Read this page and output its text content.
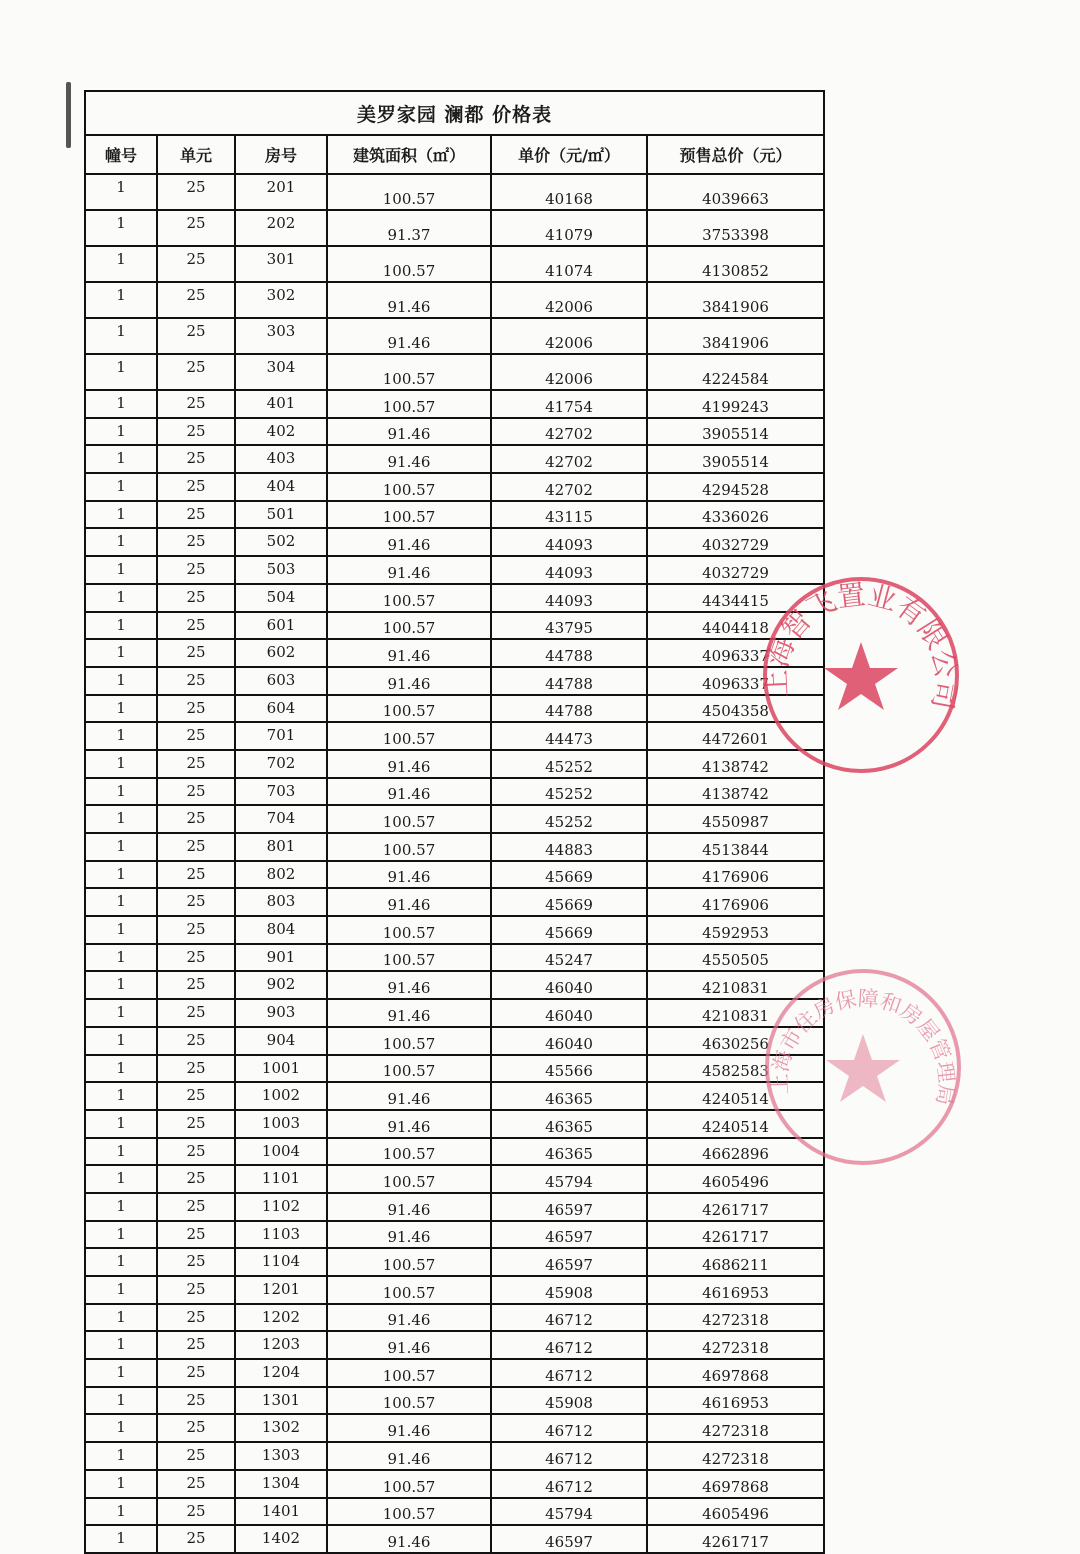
美罗家园 澜都 价格表					
幢号	单元	房号	建筑面积（㎡）	单价（元/㎡）	预售总价（元）
1	25	201	100.57	40168	4039663
1	25	202	91.37	41079	3753398
1	25	301	100.57	41074	4130852
1	25	302	91.46	42006	3841906
1	25	303	91.46	42006	3841906
1	25	304	100.57	42006	4224584
1	25	401	100.57	41754	4199243
1	25	402	91.46	42702	3905514
1	25	403	91.46	42702	3905514
1	25	404	100.57	42702	4294528
1	25	501	100.57	43115	4336026
1	25	502	91.46	44093	4032729
1	25	503	91.46	44093	4032729
1	25	504	100.57	44093	4434415
1	25	601	100.57	43795	4404418
1	25	602	91.46	44788	4096337
1	25	603	91.46	44788	4096337
1	25	604	100.57	44788	4504358
1	25	701	100.57	44473	4472601
1	25	702	91.46	45252	4138742
1	25	703	91.46	45252	4138742
1	25	704	100.57	45252	4550987
1	25	801	100.57	44883	4513844
1	25	802	91.46	45669	4176906
1	25	803	91.46	45669	4176906
1	25	804	100.57	45669	4592953
1	25	901	100.57	45247	4550505
1	25	902	91.46	46040	4210831
1	25	903	91.46	46040	4210831
1	25	904	100.57	46040	4630256
1	25	1001	100.57	45566	4582583
1	25	1002	91.46	46365	4240514
1	25	1003	91.46	46365	4240514
1	25	1004	100.57	46365	4662896
1	25	1101	100.57	45794	4605496
1	25	1102	91.46	46597	4261717
1	25	1103	91.46	46597	4261717
1	25	1104	100.57	46597	4686211
1	25	1201	100.57	45908	4616953
1	25	1202	91.46	46712	4272318
1	25	1203	91.46	46712	4272318
1	25	1204	100.57	46712	4697868
1	25	1301	100.57	45908	4616953
1	25	1302	91.46	46712	4272318
1	25	1303	91.46	46712	4272318
1	25	1304	100.57	46712	4697868
1	25	1401	100.57	45794	4605496
1	25	1402	91.46	46597	4261717
上海智飞置业有限公司
上海市住房保障和房屋管理局
